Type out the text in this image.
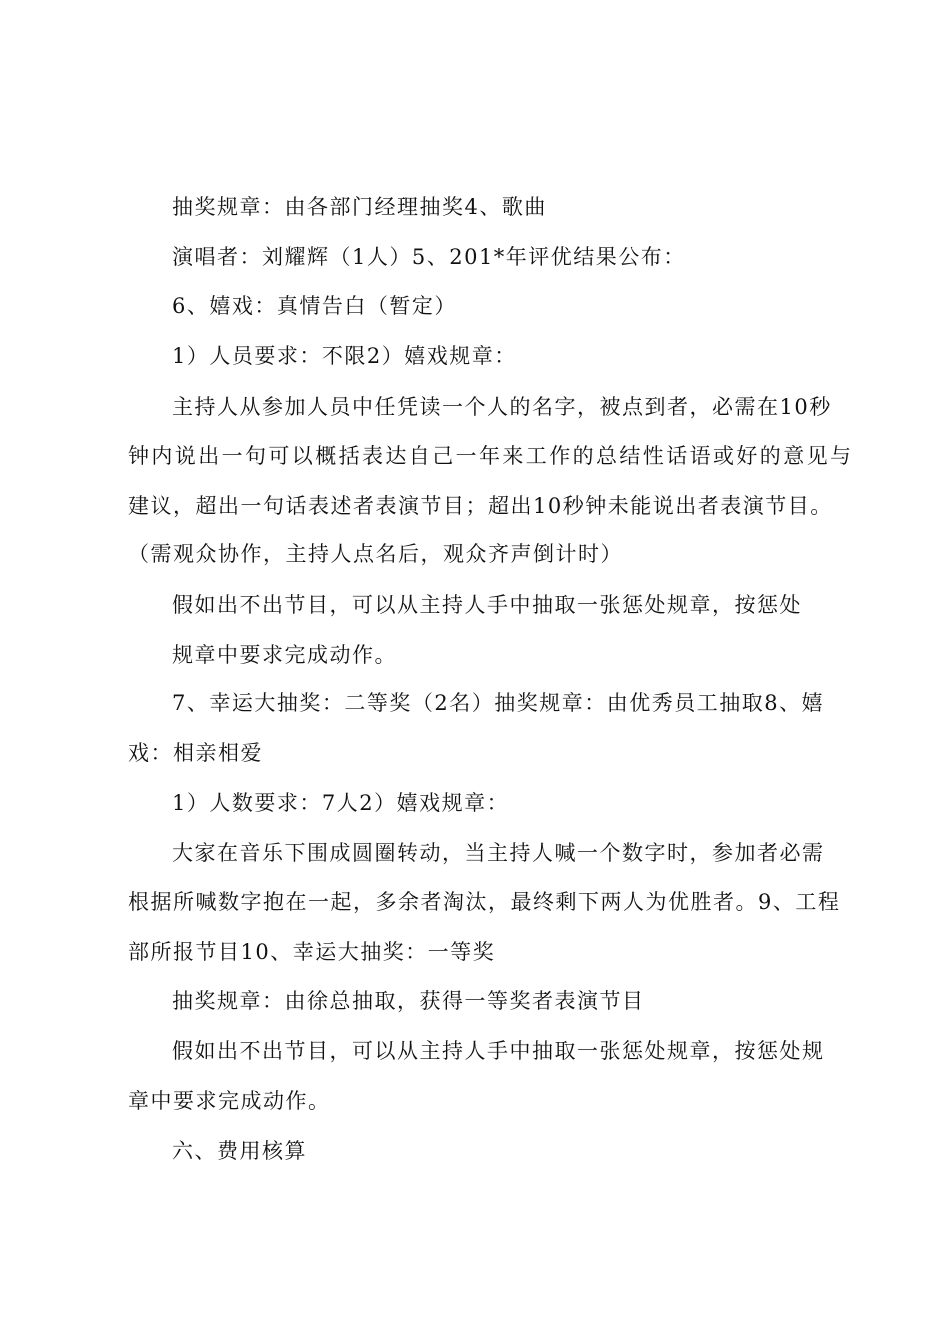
抽奖规章：由各部门经理抽奖4、歌曲
演唱者：刘耀辉（1人）5、201*年评优结果公布：
6、嬉戏：真情告白（暂定）
1）人员要求：不限2）嬉戏规章：
主持人从参加人员中任凭读一个人的名字，被点到者，必需在10秒
钟内说出一句可以概括表达自己一年来工作的总结性话语或好的意见与
建议，超出一句话表述者表演节目；超出10秒钟未能说出者表演节目。
（需观众协作，主持人点名后，观众齐声倒计时）
假如出不出节目，可以从主持人手中抽取一张惩处规章，按惩处
规章中要求完成动作。
7、幸运大抽奖：二等奖（2名）抽奖规章：由优秀员工抽取8、嬉
戏：相亲相爱
1）人数要求：7人2）嬉戏规章：
大家在音乐下围成圆圈转动，当主持人喊一个数字时，参加者必需
根据所喊数字抱在一起，多余者淘汰，最终剩下两人为优胜者。9、工程
部所报节目10、幸运大抽奖：一等奖
抽奖规章：由徐总抽取，获得一等奖者表演节目
假如出不出节目，可以从主持人手中抽取一张惩处规章，按惩处规
章中要求完成动作。
六、费用核算
